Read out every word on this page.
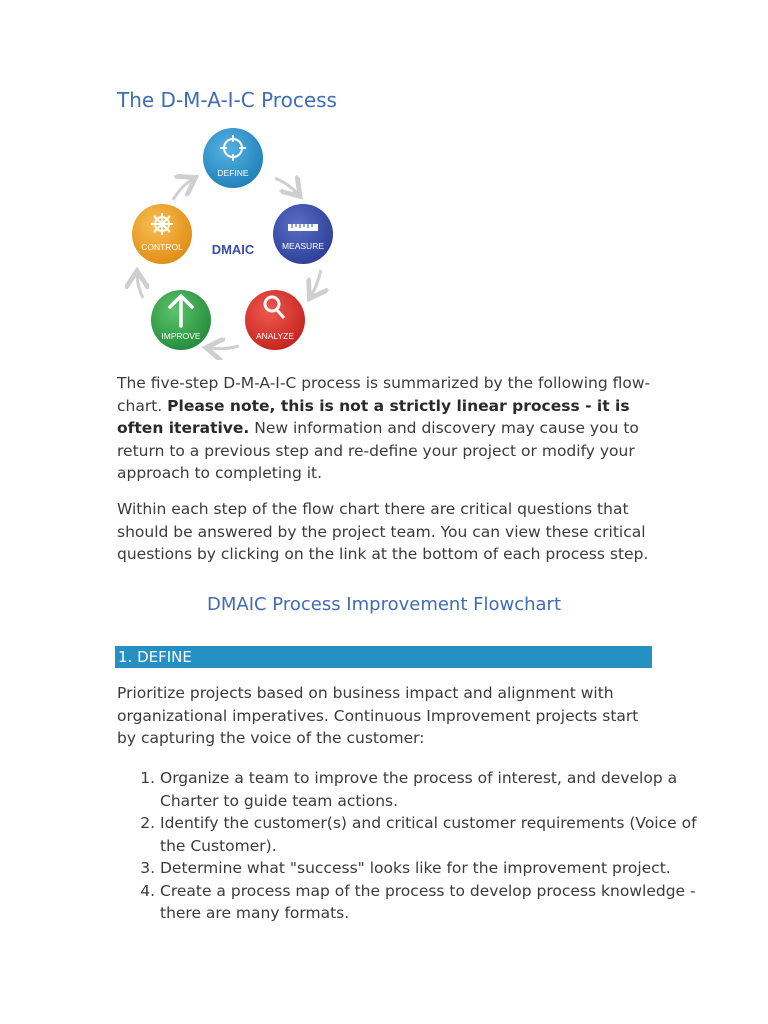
The D-M-A-I-C Process
DEFINE
MEASURE
ANALYZE
IMPROVE
CONTROL DMAIC

The five-step D-M-A-I-C process is summarized by the following flow-chart. Please note, this is not a strictly linear process - it is often iterative. New information and discovery may cause you to return to a previous step and re-define your project or modify your approach to completing it.

Within each step of the flow chart there are critical questions that should be answered by the project team. You can view these critical questions by clicking on the link at the bottom of each process step.

DMAIC Process Improvement Flowchart
1. DEFINE

Prioritize projects based on business impact and alignment with organizational imperatives. Continuous Improvement projects start by capturing the voice of the customer:

1. Organize a team to improve the process of interest, and develop a Charter to guide team actions.
2. Identify the customer(s) and critical customer requirements (Voice of the Customer).
3. Determine what "success" looks like for the improvement project.
4. Create a process map of the process to develop process knowledge - there are many formats.
